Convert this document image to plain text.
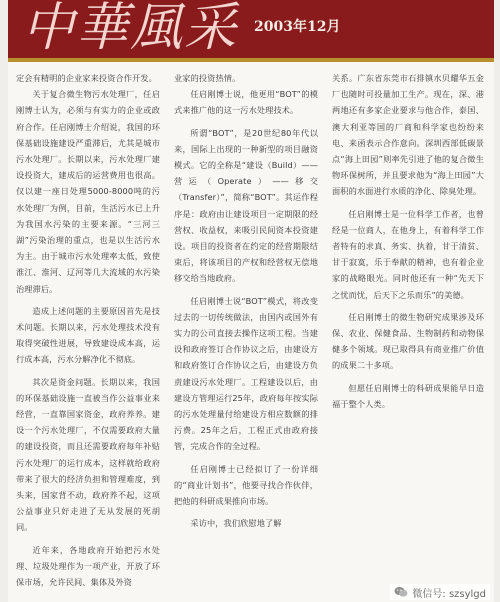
中華風采 2003年12月

定会有精明的企业家来投资合作开发。

关于复合微生物污水处理厂，任启刚博士认为，必须与有实力的企业或政府合作。任启刚博士介绍说，我国的环保基础设施建设严重滞后，尤其是城市污水处理厂。长期以来，污水处理厂建设投资大，建成后的运营费用也很高。仅以建一座日处理5000-8000吨的污水处理厂为例，目前，生活污水已上升为我国水污染的主要来源。“三河三湖”污染治理的重点，也是以生活污水为主。由于城市污水处理率太低，致使淮江、淮河、辽河等几大流域的水污染治理滞后。

造成上述问题的主要原因首先是技术问题。长期以来，污水处理技术没有取得突破性进展，导致建设成本高，运行成本高，污水分解净化不彻底。

其次是资金问题。长期以来，我国的环保基础设施一直被当作公益事业来经营，一直靠国家资金，政府养养。建设一个污水处理厂，不仅需要政府大量的建设投资，而且还需要政府每年补贴污水处理厂的运行成本，这样就给政府带来了很大的经济负担和管理难度，到头来，国家背不动，政府养不起，这项公益事业只好走进了无从发展的死胡同。

近年来，各地政府开始把污水处理、垃圾处理作为一项产业，开放了环保市场，允许民间、集体及外资

业家的投资热情。

任启刚博士说，他更用“BOT”的模式来推广他的这一污水处理技术。

所谓“BOT”，是20世纪80年代以来，国际上出现的一种新型的项目融资模式。它的全称是“建设（Build）——营运（Operate）——移交（Transfer）”，简称“BOT”。其运作程序是：政府由让建设项目一定期限的经营权、收益权，来吸引民间资本投资建设。项目的投资者在约定的经营期限结束后，将该项目的产权和经营权无偿地移交给当地政府。

任启刚博士说“BOT”模式，将改变过去的一切传统做法，由国内或国外有实力的公司直接去操作这项工程。当建设和政府签订合作协议之后，由建设方和政府签订合作协议之后，由建设方负责建设污水处理厂。工程建设以后，由建设方管理运行25年，政府每年按实际的污水处理量付给建设方相应数额的排污费。25年之后，工程正式由政府接管，完成合作的全过程。

任启刚博士已经拟订了一份详细的“商业计划书”，他要寻找合作伙伴，把他的科研成果推向市场。

采访中，我们欣慰地了解

关系。广东省东莞市石排镇水贝耀华五金厂也随时可投量加工生产。现在，深、港两地还有多家企业要求与他合作，泰国、澳大利亚等国的厂商和科学家也纷纷来电、来函表示合作意向。深圳西部低碳景点“海上田园”则率先引进了他的复合微生物环保树所，并且要求他为“海上田园”大面积的水面进行水质的净化、除臭处理。

任启刚博士是一位科学工作者，也曾经是一位商人，在他身上，有着科学工作者特有的求真、务实、执着，甘于清贫、甘于寂寞，乐于奉献的精神，也有着企业家的战略眼光。同时他还有一种“先天下之忧而忧，后天下之乐而乐”的美德。

任启刚博士的微生物研究成果涉及环保、农业、保健食品、生物制药和动物保健多个领域。现已取得具有商业推广价值的成果二十多项。

但愿任启刚博士的科研成果能早日造福于整个人类。

微信号: szsylgd
